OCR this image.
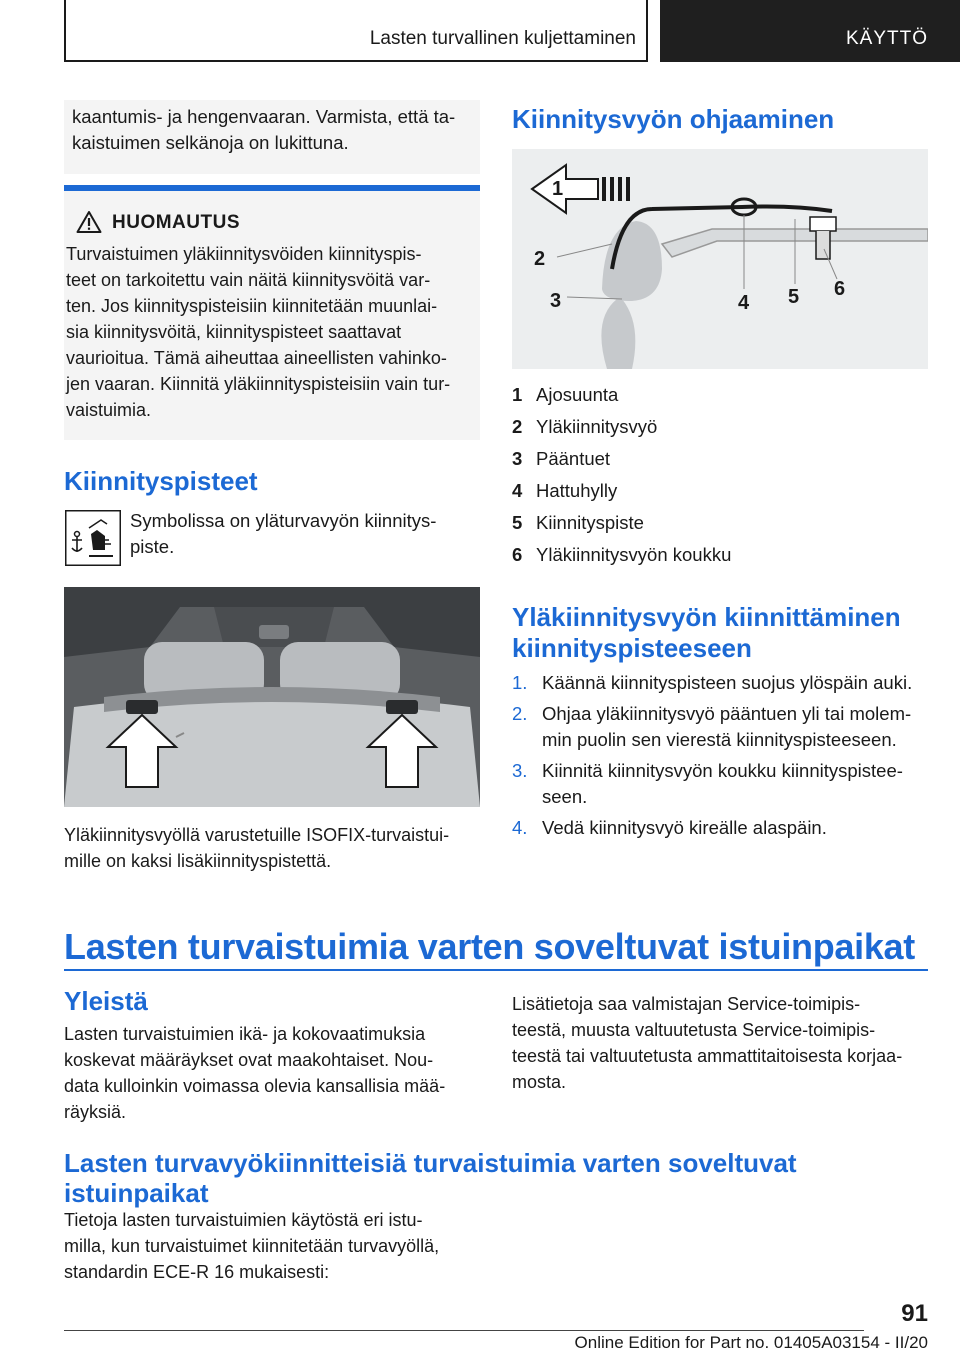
Lasten turvallinen kuljettaminen	KÄYTTÖ
kaantumis- ja hengenvaaran. Varmista, että ta-
kaistuimen selkänoja on lukittuna.
HUOMAUTUS
Turvaistuimen yläkiinnitysvöiden kiinnityspis-
teet on tarkoitettu vain näitä kiinnitysvöitä var-
ten. Jos kiinnityspisteisiin kiinnitetään muunlai-
sia kiinnitysvöitä, kiinnityspisteet saattavat
vaurioitua. Tämä aiheuttaa aineellisten vahinko-
jen vaaran. Kiinnitä yläkiinnityspisteisiin vain tur-
vaistuimia.
Kiinnityspisteet
Symbolissa on yläturvavyön kiinnitys-
piste.
Yläkiinnitysvyöllä varustetuille ISOFIX-turvaistui-
mille on kaksi lisäkiinnityspistettä.
Kiinnitysvyön ohjaaminen
1
2
3	4 5 6
1 Ajosuunta
2 Yläkiinnitysvyö
3 Pääntuet
4 Hattuhylly
5 Kiinnityspiste
6 Yläkiinnitysvyön koukku
Yläkiinnitysvyön kiinnittäminen
kiinnityspisteeseen
1. Käännä kiinnityspisteen suojus ylöspäin auki.
2. Ohjaa yläkiinnitysvyö pääntuen yli tai molem-
min puolin sen vierestä kiinnityspisteeseen.
3. Kiinnitä kiinnitysvyön koukku kiinnityspistee-
seen.
4. Vedä kiinnitysvyö kireälle alaspäin.
Lasten turvaistuimia varten soveltuvat istuinpaikat
Yleistä
Lasten turvaistuimien ikä- ja kokovaatimuksia
koskevat määräykset ovat maakohtaiset. Nou-
data kulloinkin voimassa olevia kansallisia mää-
räyksiä.
Lisätietoja saa valmistajan Service-toimipis-
teestä, muusta valtuutetusta Service-toimipis-
teestä tai valtuutetusta ammattitaitoisesta korjaa-
mosta.
Lasten turvavyökiinnitteisiä turvaistuimia varten soveltuvat
istuinpaikat
Tietoja lasten turvaistuimien käytöstä eri istu-
milla, kun turvaistuimet kiinnitetään turvavyöllä,
standardin ECE-R 16 mukaisesti:
91
Online Edition for Part no. 01405A03154 - II/20
